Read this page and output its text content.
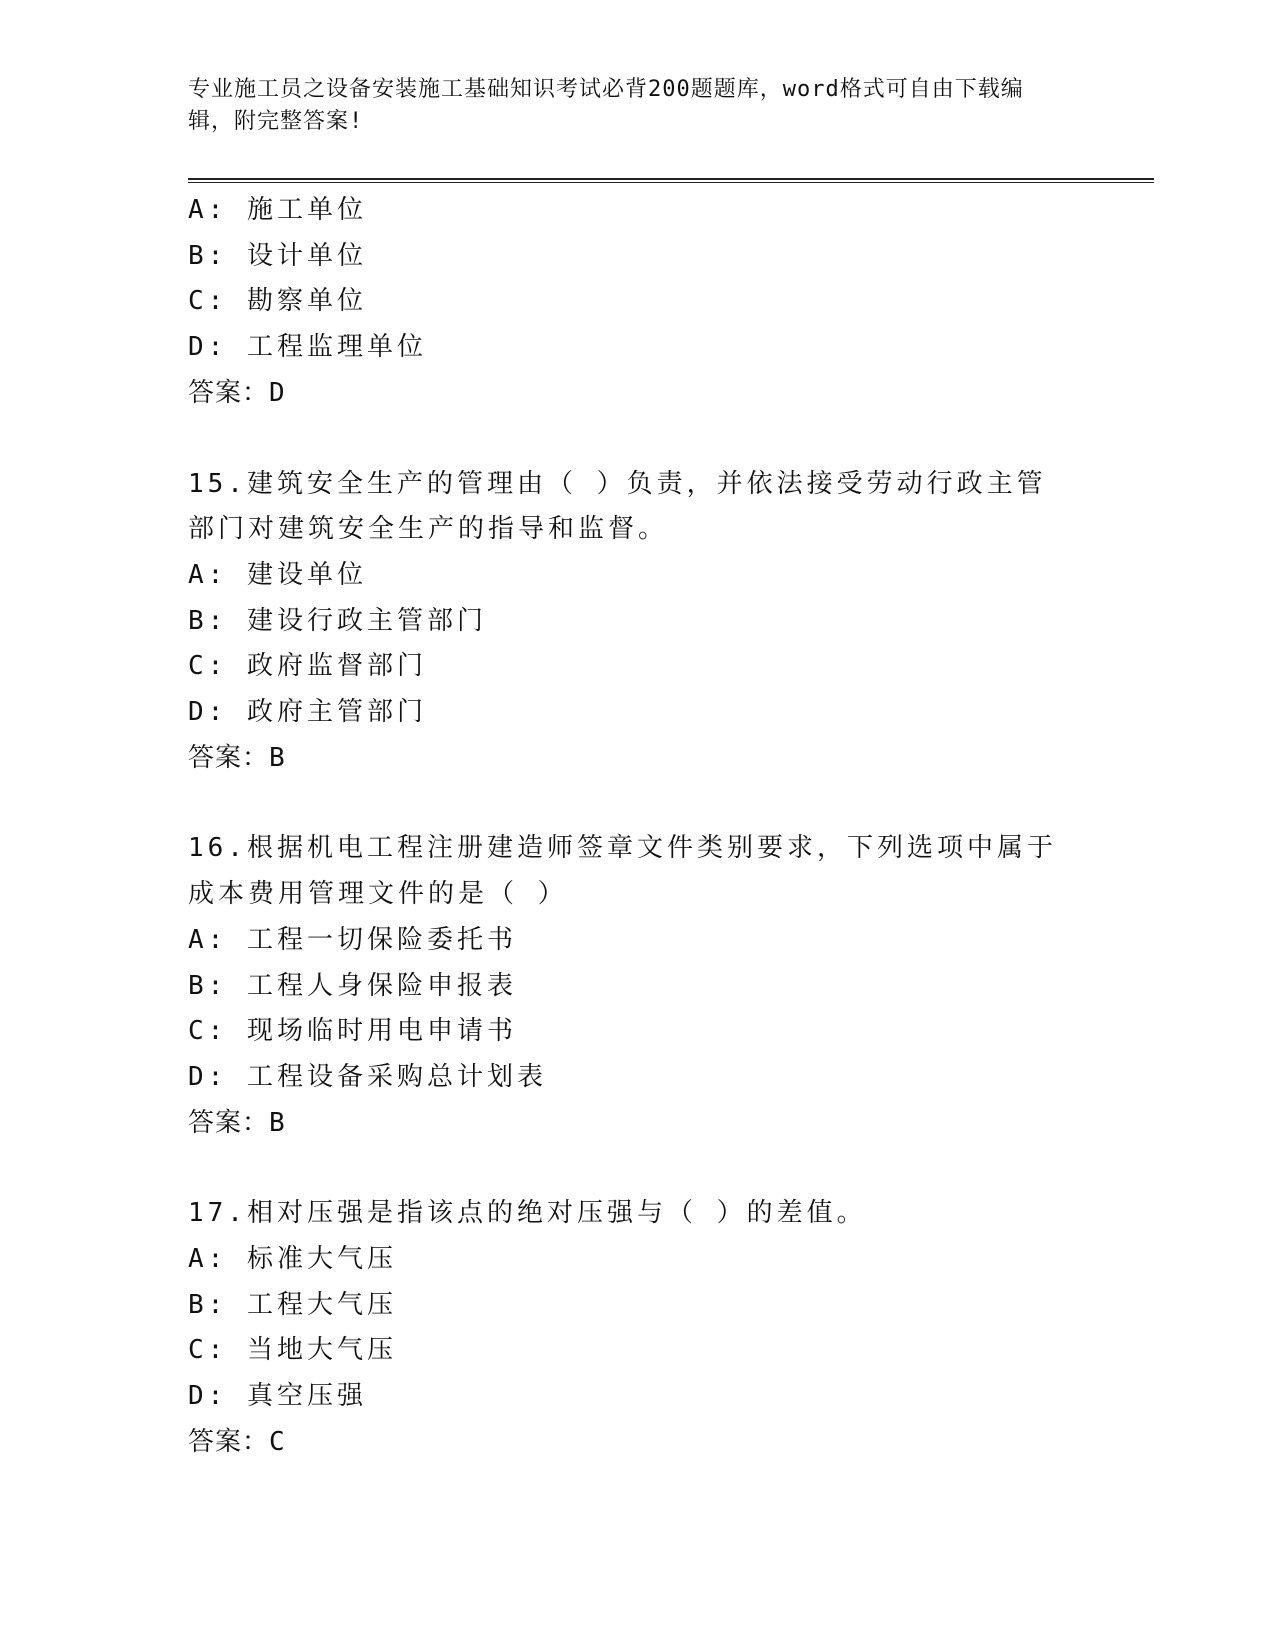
专业施工员之设备安装施工基础知识考试必背200题题库，word格式可自由下载编辑，附完整答案!
A: 施工单位
B: 设计单位
C: 勘察单位
D: 工程监理单位
答案：D
15.建筑安全生产的管理由（ ）负责，并依法接受劳动行政主管部门对建筑安全生产的指导和监督。
A: 建设单位
B: 建设行政主管部门
C: 政府监督部门
D: 政府主管部门
答案：B
16.根据机电工程注册建造师签章文件类别要求，下列选项中属于成本费用管理文件的是（ ）
A: 工程一切保险委托书
B: 工程人身保险申报表
C: 现场临时用电申请书
D: 工程设备采购总计划表
答案：B
17.相对压强是指该点的绝对压强与（ ）的差值。
A: 标准大气压
B: 工程大气压
C: 当地大气压
D: 真空压强
答案：C
